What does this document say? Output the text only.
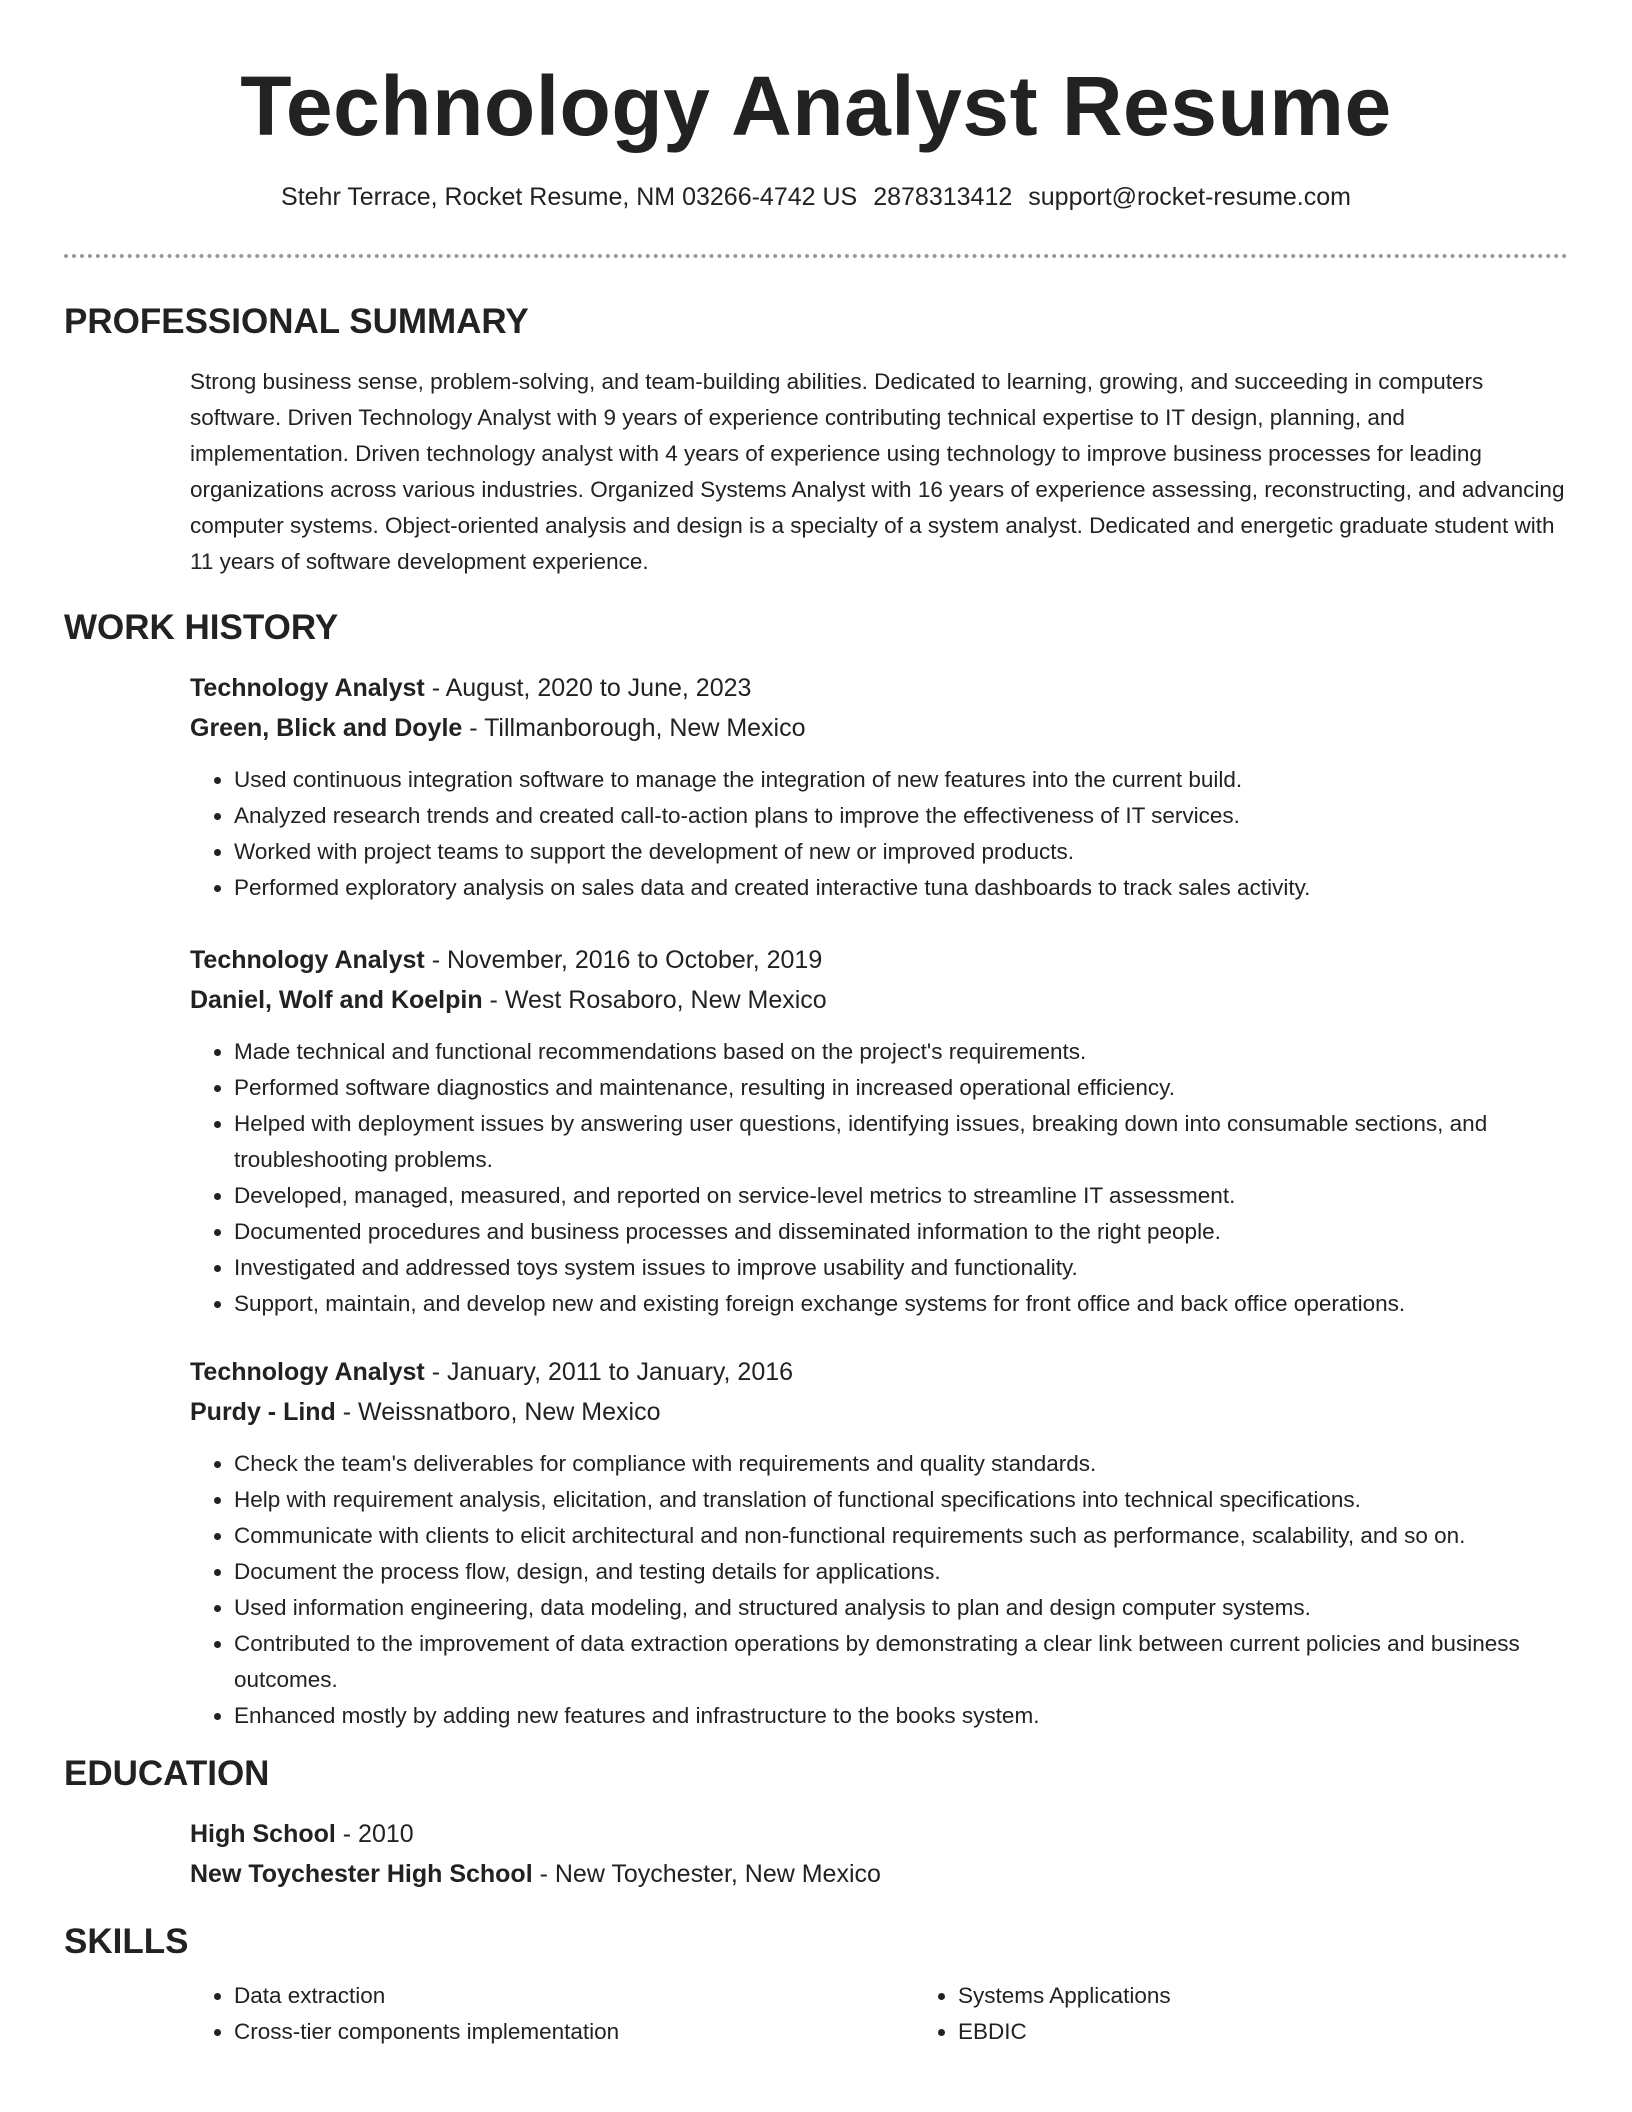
Technology Analyst Resume
Stehr Terrace, Rocket Resume, NM 03266-4742 US 2878313412 support@rocket-resume.com
PROFESSIONAL SUMMARY

Strong business sense, problem-solving, and team-building abilities. Dedicated to learning, growing, and succeeding in computers software. Driven Technology Analyst with 9 years of experience contributing technical expertise to IT design, planning, and implementation. Driven technology analyst with 4 years of experience using technology to improve business processes for leading organizations across various industries. Organized Systems Analyst with 16 years of experience assessing, reconstructing, and advancing computer systems. Object-oriented analysis and design is a specialty of a system analyst. Dedicated and energetic graduate student with 11 years of software development experience.

WORK HISTORY

Technology Analyst - August, 2020 to June, 2023

Green, Blick and Doyle - Tillmanborough, New Mexico

• Used continuous integration software to manage the integration of new features into the current build.
• Analyzed research trends and created call-to-action plans to improve the effectiveness of IT services.
• Worked with project teams to support the development of new or improved products.
• Performed exploratory analysis on sales data and created interactive tuna dashboards to track sales activity.

Technology Analyst - November, 2016 to October, 2019

Daniel, Wolf and Koelpin - West Rosaboro, New Mexico

• Made technical and functional recommendations based on the project's requirements.
• Performed software diagnostics and maintenance, resulting in increased operational efficiency.
• Helped with deployment issues by answering user questions, identifying issues, breaking down into consumable sections, and troubleshooting problems.
• Developed, managed, measured, and reported on service-level metrics to streamline IT assessment.
• Documented procedures and business processes and disseminated information to the right people.
• Investigated and addressed toys system issues to improve usability and functionality.
• Support, maintain, and develop new and existing foreign exchange systems for front office and back office operations.

Technology Analyst - January, 2011 to January, 2016

Purdy - Lind - Weissnatboro, New Mexico

• Check the team's deliverables for compliance with requirements and quality standards.
• Help with requirement analysis, elicitation, and translation of functional specifications into technical specifications.
• Communicate with clients to elicit architectural and non-functional requirements such as performance, scalability, and so on.
• Document the process flow, design, and testing details for applications.
• Used information engineering, data modeling, and structured analysis to plan and design computer systems.
• Contributed to the improvement of data extraction operations by demonstrating a clear link between current policies and business outcomes.
• Enhanced mostly by adding new features and infrastructure to the books system.
EDUCATION

High School - 2010

New Toychester High School - New Toychester, New Mexico

SKILLS
• Data extraction
• Cross-tier components implementation
• Systems Applications
• EBDIC
